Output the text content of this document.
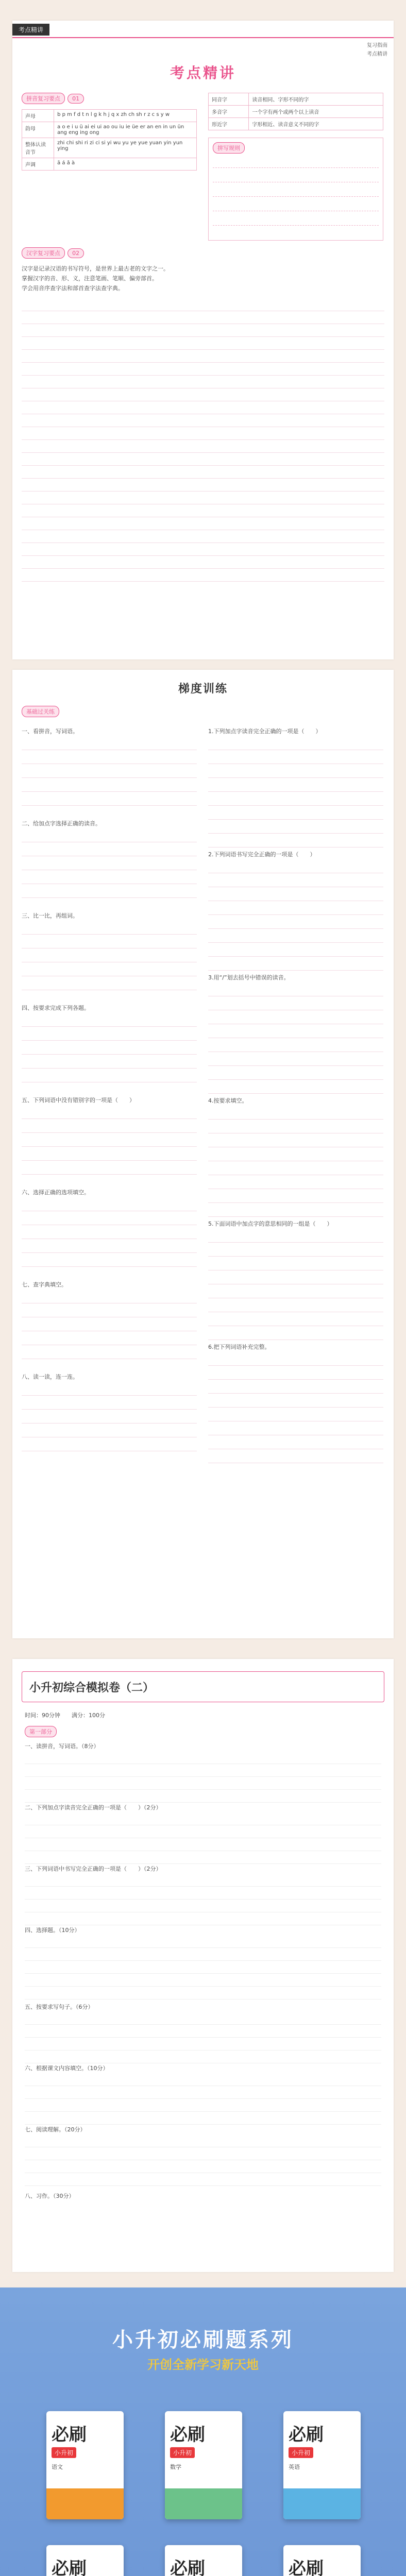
考点精讲
复习指南
考点精讲
考点精讲
拼音复习要点 01
声母	b p m f d t n l g k h j q x zh ch sh r z c s y w
韵母	a o e i u ü ai ei ui ao ou iu ie üe er an en in un ün ang eng ing ong
整体认读音节	zhi chi shi ri zi ci si yi wu yu ye yue yuan yin yun ying
声调	ā á ǎ à
同音字	读音相同、字形不同的字
多音字	一个字有两个或两个以上读音
形近字	字形相近、读音意义不同的字
拼写规则
汉字复习要点 02
汉字是记录汉语的书写符号，是世界上最古老的文字之一。
掌握汉字的音、形、义，注意笔画、笔顺、偏旁部首。
学会用音序查字法和部首查字法查字典。
梯度训练
基础过关练
一、看拼音，写词语。
二、给加点字选择正确的读音。
三、比一比，再组词。
四、按要求完成下列各题。
五、下列词语中没有错别字的一项是（　　）
六、选择正确的选项填空。
七、查字典填空。
八、读一读，连一连。
1.下列加点字读音完全正确的一项是（　　）
2.下列词语书写完全正确的一项是（　　）
3.用“/”划去括号中错误的读音。
4.按要求填空。
5.下面词语中加点字的意思相同的一组是（　　）
6.把下列词语补充完整。
小升初综合模拟卷（二）
时间：90分钟　　满分：100分
第一部分
一、读拼音，写词语。（8分）
二、下列加点字读音完全正确的一项是（　　）（2分）
三、下列词语中书写完全正确的一项是（　　）（2分）
四、选择题。（10分）
五、按要求写句子。（6分）
六、根据课文内容填空。（10分）
七、阅读理解。（20分）
八、习作。（30分）
小升初必刷题系列
开创全新学习新天地
必刷
小升初
语文
必刷
小升初
数学
必刷
小升初
英语
必刷	必刷	必刷
